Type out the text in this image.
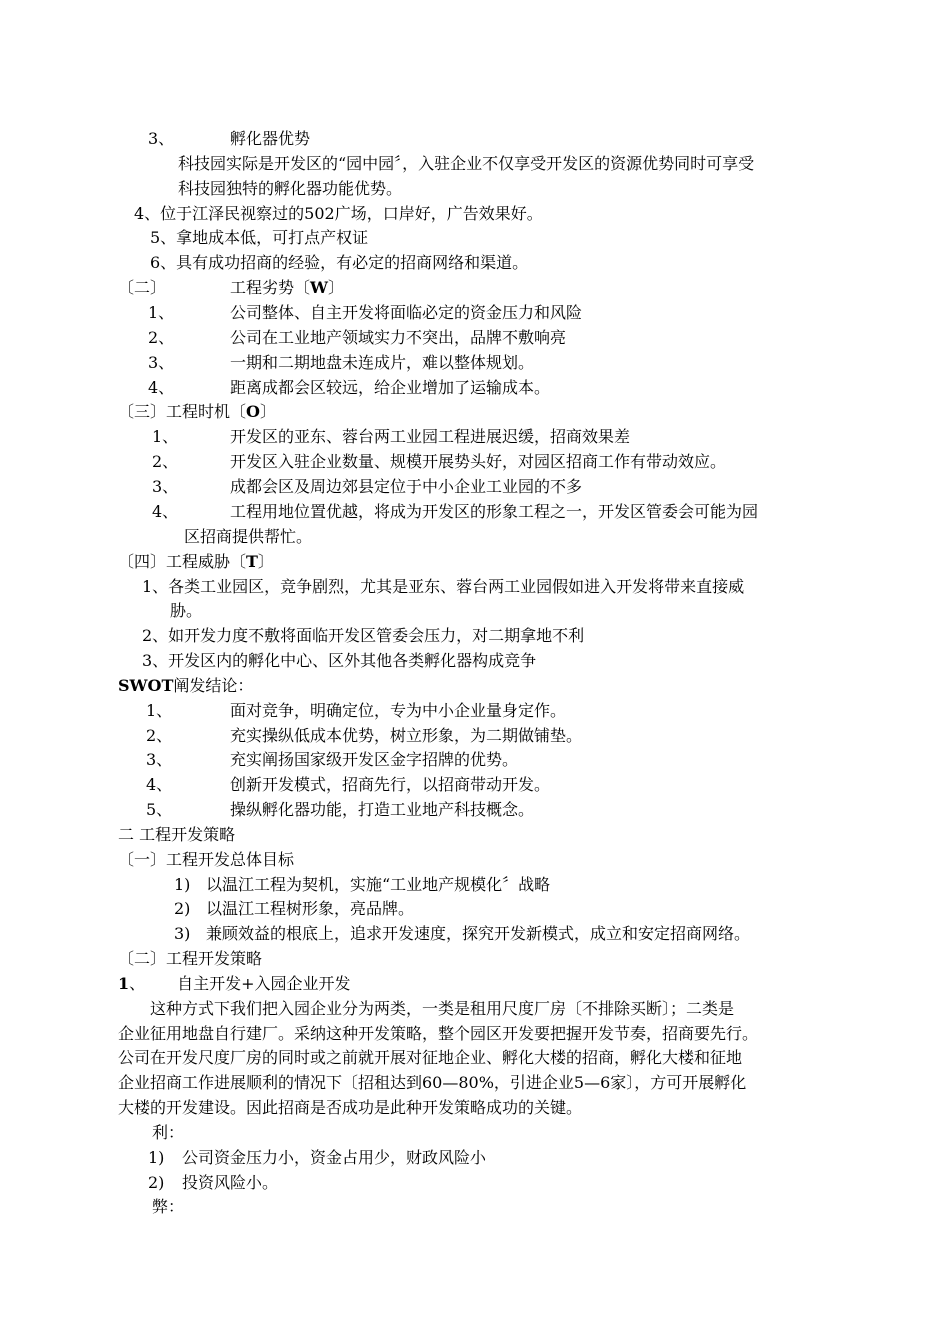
3、	孵化器优势
科技园实际是开发区的“园中园〞，入驻企业不仅享受开发区的资源优势同时可享受
科技园独特的孵化器功能优势。
4、位于江泽民视察过的502广场，口岸好，广告效果好。
5、拿地成本低，可打点产权证
6、具有成功招商的经验，有必定的招商网络和渠道。
〔二〕	工程劣势〔W〕
1、	公司整体、自主开发将面临必定的资金压力和风险
2、	公司在工业地产领域实力不突出，品牌不敷响亮
3、	一期和二期地盘未连成片，难以整体规划。
4、	距离成都会区较远，给企业增加了运输成本。
〔三〕工程时机〔O〕
1、	开发区的亚东、蓉台两工业园工程进展迟缓，招商效果差
2、	开发区入驻企业数量、规模开展势头好，对园区招商工作有带动效应。
3、	成都会区及周边郊县定位于中小企业工业园的不多
4、	工程用地位置优越，将成为开发区的形象工程之一，开发区管委会可能为园
区招商提供帮忙。
〔四〕工程威胁〔T〕
1、各类工业园区，竞争剧烈，尤其是亚东、蓉台两工业园假如进入开发将带来直接威
胁。
2、如开发力度不敷将面临开发区管委会压力，对二期拿地不利
3、开发区内的孵化中心、区外其他各类孵化器构成竞争
SWOT阐发结论：
1、	面对竞争，明确定位，专为中小企业量身定作。
2、	充实操纵低成本优势，树立形象，为二期做铺垫。
3、	充实阐扬国家级开发区金字招牌的优势。
4、	创新开发模式，招商先行，以招商带动开发。
5、	操纵孵化器功能，打造工业地产科技概念。
二 工程开发策略
〔一〕工程开发总体目标
1) 以温江工程为契机，实施“工业地产规模化〞战略
2) 以温江工程树形象，亮品牌。
3) 兼顾效益的根底上，追求开发速度，探究开发新模式，成立和安定招商网络。
〔二〕工程开发策略
1、 自主开发+入园企业开发
这种方式下我们把入园企业分为两类，一类是租用尺度厂房〔不排除买断〕；二类是
企业征用地盘自行建厂。采纳这种开发策略，整个园区开发要把握开发节奏，招商要先行。
公司在开发尺度厂房的同时或之前就开展对征地企业、孵化大楼的招商，孵化大楼和征地
企业招商工作进展顺利的情况下〔招租达到60—80%，引进企业5—6家〕，方可开展孵化
大楼的开发建设。因此招商是否成功是此种开发策略成功的关键。
利：
1) 公司资金压力小，资金占用少，财政风险小
2) 投资风险小。
弊：
